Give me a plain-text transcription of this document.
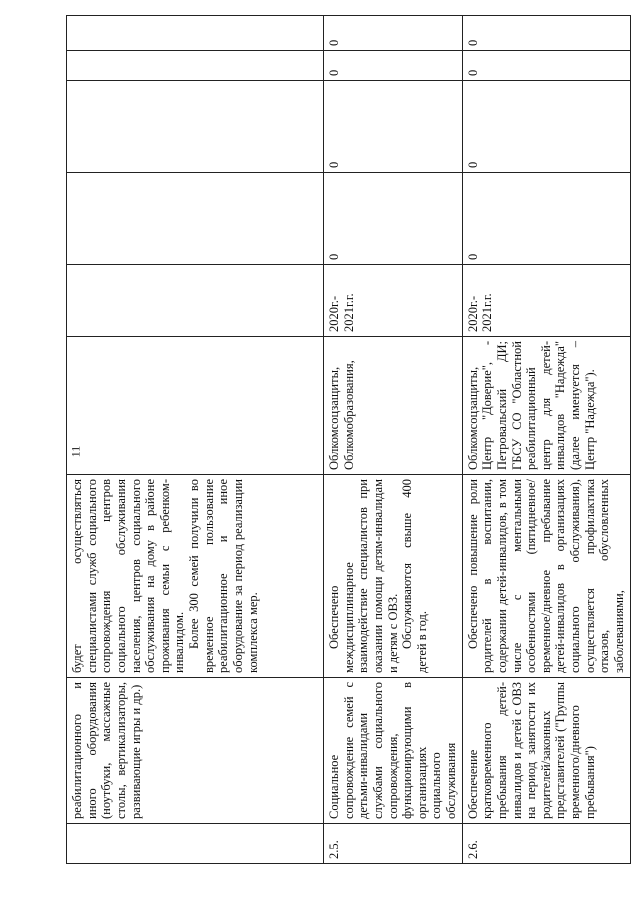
11
	реабилитационного и иного оборудования (ноутбуки, массажные столы, вертикализаторы, развивающие игры и др.)	будет осуществляться специалистами служб социального сопровождения центров социального обслуживания населения, центров социального обслуживания на дому в районе проживания семьи с ребенком-инвалидом. Более 300 семей получили во временное пользование реабилитационное и иное оборудование за период реализации комплекса мер.						

2.5.	Социальное сопровождение семей с детьми-инвалидами службами социального сопровождения, функционирующими в организациях социального обслуживания	Обеспечено междисциплинарное взаимодействие специалистов при оказании помощи детям-инвалидам и детям с ОВЗ. Обслуживаются свыше 400 детей в год.	Облкомсоцзащиты, Облкомобразования,	2020г.- 2021г.г.	0	0	0	0
2.6.	Обеспечение кратковременного пребывания детей-инвалидов и детей с ОВЗ на период занятости их родителей/законных представителей ("Группы временного/дневного пребывания")	Обеспечено повышение роли родителей в воспитании, содержании детей-инвалидов, в том числе с ментальными особенностями (пятидневное/ временное/дневное пребывание детей-инвалидов в организациях социального обслуживания), осуществляется профилактика отказов, обусловленных заболеваниями,	Облкомсоцзащиты, Центр "Доверие", - Петровальский ДИ; ГБСУ СО "Областной реабилитационный центр для детей-инвалидов "Надежда" (далее именуется – Центр "Надежда").	2020г.- 2021г.г.	0	0	0	0
